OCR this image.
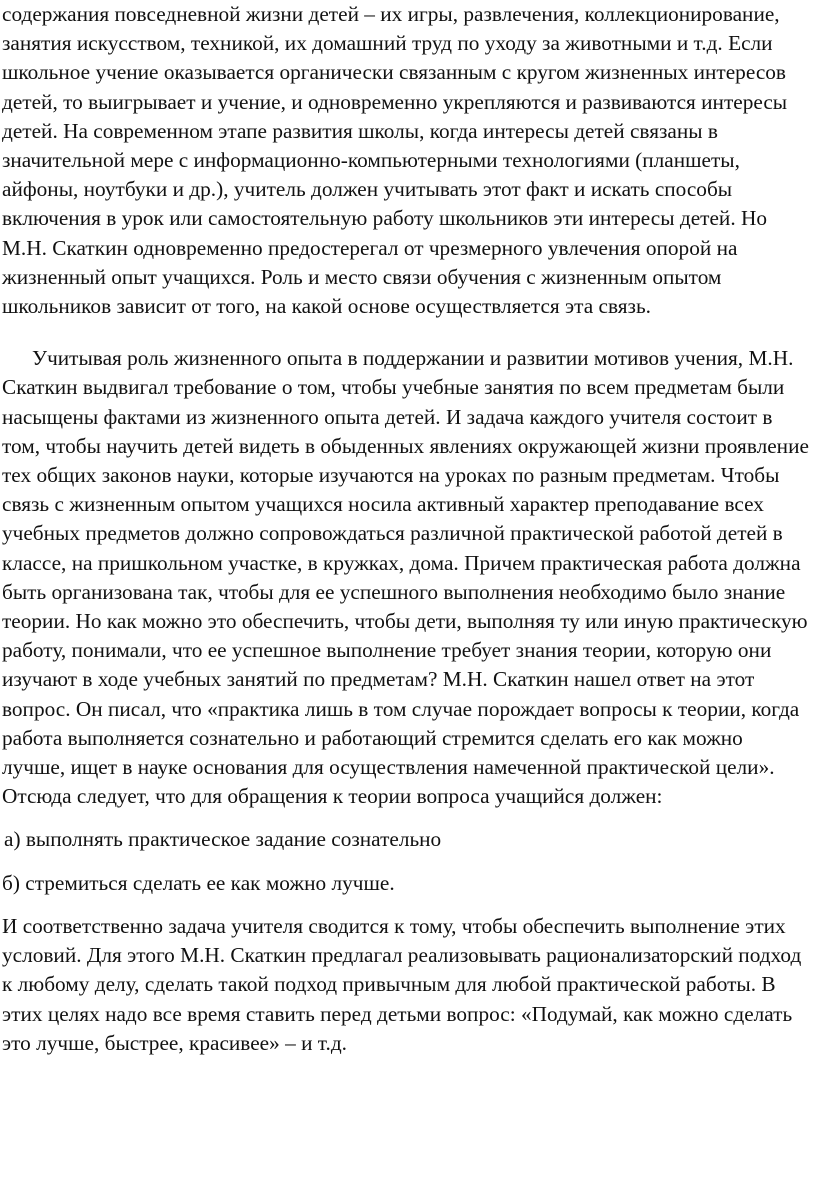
содержания повседневной жизни детей – их игры, развлечения, коллекционирование, занятия искусством, техникой, их домашний труд по уходу за животными и т.д. Если школьное учение оказывается органически связанным с кругом жизненных интересов детей, то выигрывает и учение, и одновременно укрепляются и развиваются интересы детей. На современном этапе развития школы, когда интересы детей связаны в значительной мере с информационно-компьютерными технологиями (планшеты, айфоны, ноутбуки и др.), учитель должен учитывать этот факт и искать способы включения в урок или самостоятельную работу школьников эти интересы детей. Но М.Н. Скаткин одновременно предостерегал от чрезмерного увлечения опорой на жизненный опыт учащихся. Роль и место связи обучения с жизненным опытом школьников зависит от того, на какой основе осуществляется эта связь.

Учитывая роль жизненного опыта в поддержании и развитии мотивов учения, М.Н. Скаткин выдвигал требование о том, чтобы учебные занятия по всем предметам были насыщены фактами из жизненного опыта детей. И задача каждого учителя состоит в том, чтобы научить детей видеть в обыденных явлениях окружающей жизни проявление тех общих законов науки, которые изучаются на уроках по разным предметам. Чтобы связь с жизненным опытом учащихся носила активный характер преподавание всех учебных предметов должно сопровождаться различной практической работой детей в классе, на пришкольном участке, в кружках, дома. Причем практическая работа должна быть организована так, чтобы для ее успешного выполнения необходимо было знание теории. Но как можно это обеспечить, чтобы дети, выполняя ту или иную практическую работу, понимали, что ее успешное выполнение требует знания теории, которую они изучают в ходе учебных занятий по предметам? М.Н. Скаткин нашел ответ на этот вопрос. Он писал, что «практика лишь в том случае порождает вопросы к теории, когда работа выполняется сознательно и работающий стремится сделать его как можно лучше, ищет в науке основания для осуществления намеченной практической цели». Отсюда следует, что для обращения к теории вопроса учащийся должен:

а) выполнять практическое задание сознательно

б) стремиться сделать ее как можно лучше.

И соответственно задача учителя сводится к тому, чтобы обеспечить выполнение этих условий. Для этого М.Н. Скаткин предлагал реализовывать рационализаторский подход к любому делу, сделать такой подход привычным для любой практической работы. В этих целях надо все время ставить перед детьми вопрос: «Подумай, как можно сделать это лучше, быстрее, красивее» – и т.д.
